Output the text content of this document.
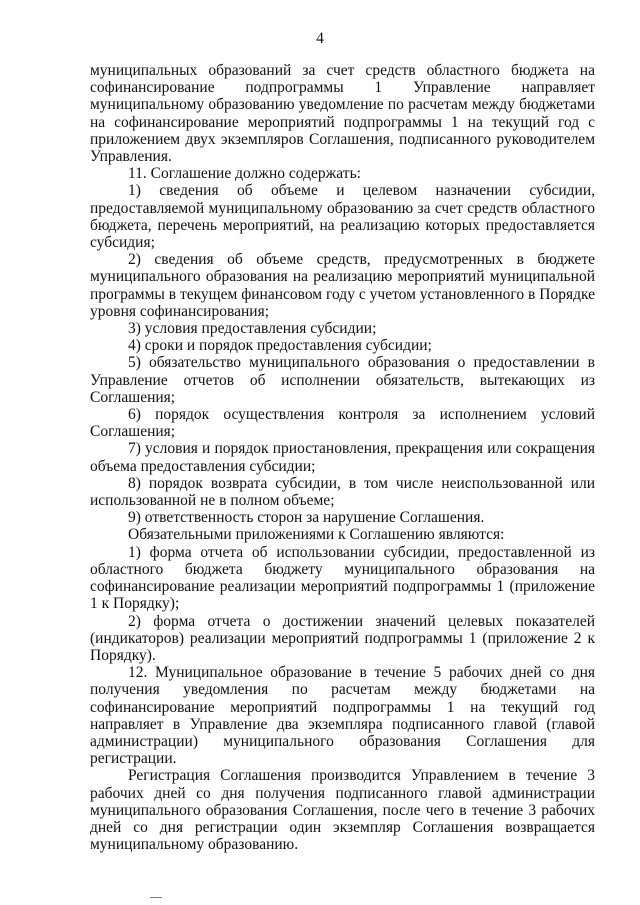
4

муниципальных образований за счет средств областного бюджета на софинансирование подпрограммы 1 Управление направляет муниципальному образованию уведомление по расчетам между бюджетами на софинансирование мероприятий подпрограммы 1 на текущий год с приложением двух экземпляров Соглашения, подписанного руководителем Управления.

11. Соглашение должно содержать:

1) сведения об объеме и целевом назначении субсидии, предоставляемой муниципальному образованию за счет средств областного бюджета, перечень мероприятий, на реализацию которых предоставляется субсидия;

2) сведения об объеме средств, предусмотренных в бюджете муниципального образования на реализацию мероприятий муниципальной программы в текущем финансовом году с учетом установленного в Порядке уровня софинансирования;

3) условия предоставления субсидии;

4) сроки и порядок предоставления субсидии;

5) обязательство муниципального образования о предоставлении в Управление отчетов об исполнении обязательств, вытекающих из Соглашения;

6) порядок осуществления контроля за исполнением условий Соглашения;

7) условия и порядок приостановления, прекращения или сокращения объема предоставления субсидии;

8) порядок возврата субсидии, в том числе неиспользованной или использованной не в полном объеме;

9) ответственность сторон за нарушение Соглашения.

Обязательными приложениями к Соглашению являются:

1) форма отчета об использовании субсидии, предоставленной из областного бюджета бюджету муниципального образования на софинансирование реализации мероприятий подпрограммы 1 (приложение 1 к Порядку);

2) форма отчета о достижении значений целевых показателей (индикаторов) реализации мероприятий подпрограммы 1 (приложение 2 к Порядку).

12. Муниципальное образование в течение 5 рабочих дней со дня получения уведомления по расчетам между бюджетами на софинансирование мероприятий подпрограммы 1 на текущий год направляет в Управление два экземпляра подписанного главой (главой администрации) муниципального образования Соглашения для регистрации.

Регистрация Соглашения производится Управлением в течение 3 рабочих дней со дня получения подписанного главой администрации муниципального образования Соглашения, после чего в течение 3 рабочих дней со дня регистрации один экземпляр Соглашения возвращается муниципальному образованию.
